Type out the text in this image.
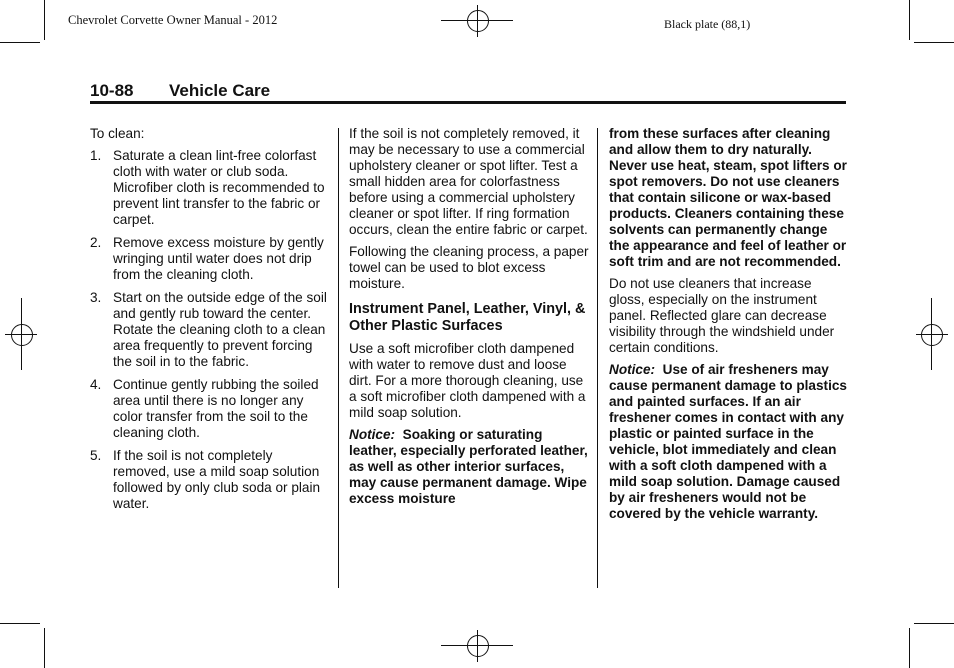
Chevrolet Corvette Owner Manual - 2012	Black plate (88,1)
10-88 Vehicle Care

To clean:

1. Saturate a clean lint-free colorfast cloth with water or club soda. Microfiber cloth is recommended to prevent lint transfer to the fabric or carpet.
2. Remove excess moisture by gently wringing until water does not drip from the cleaning cloth.
3. Start on the outside edge of the soil and gently rub toward the center. Rotate the cleaning cloth to a clean area frequently to prevent forcing the soil in to the fabric.
4. Continue gently rubbing the soiled area until there is no longer any color transfer from the soil to the cleaning cloth.
5. If the soil is not completely removed, use a mild soap solution followed by only club soda or plain water.

If the soil is not completely removed, it may be necessary to use a commercial upholstery cleaner or spot lifter. Test a small hidden area for colorfastness before using a commercial upholstery cleaner or spot lifter. If ring formation occurs, clean the entire fabric or carpet.

Following the cleaning process, a paper towel can be used to blot excess moisture.

Instrument Panel, Leather, Vinyl, & Other Plastic Surfaces

Use a soft microfiber cloth dampened with water to remove dust and loose dirt. For a more thorough cleaning, use a soft microfiber cloth dampened with a mild soap solution.

Notice: Soaking or saturating leather, especially perforated leather, as well as other interior surfaces, may cause permanent damage. Wipe excess moisture

from these surfaces after cleaning and allow them to dry naturally. Never use heat, steam, spot lifters or spot removers. Do not use cleaners that contain silicone or wax-based products. Cleaners containing these solvents can permanently change the appearance and feel of leather or soft trim and are not recommended.

Do not use cleaners that increase gloss, especially on the instrument panel. Reflected glare can decrease visibility through the windshield under certain conditions.

Notice: Use of air fresheners may cause permanent damage to plastics and painted surfaces. If an air freshener comes in contact with any plastic or painted surface in the vehicle, blot immediately and clean with a soft cloth dampened with a mild soap solution. Damage caused by air fresheners would not be covered by the vehicle warranty.
